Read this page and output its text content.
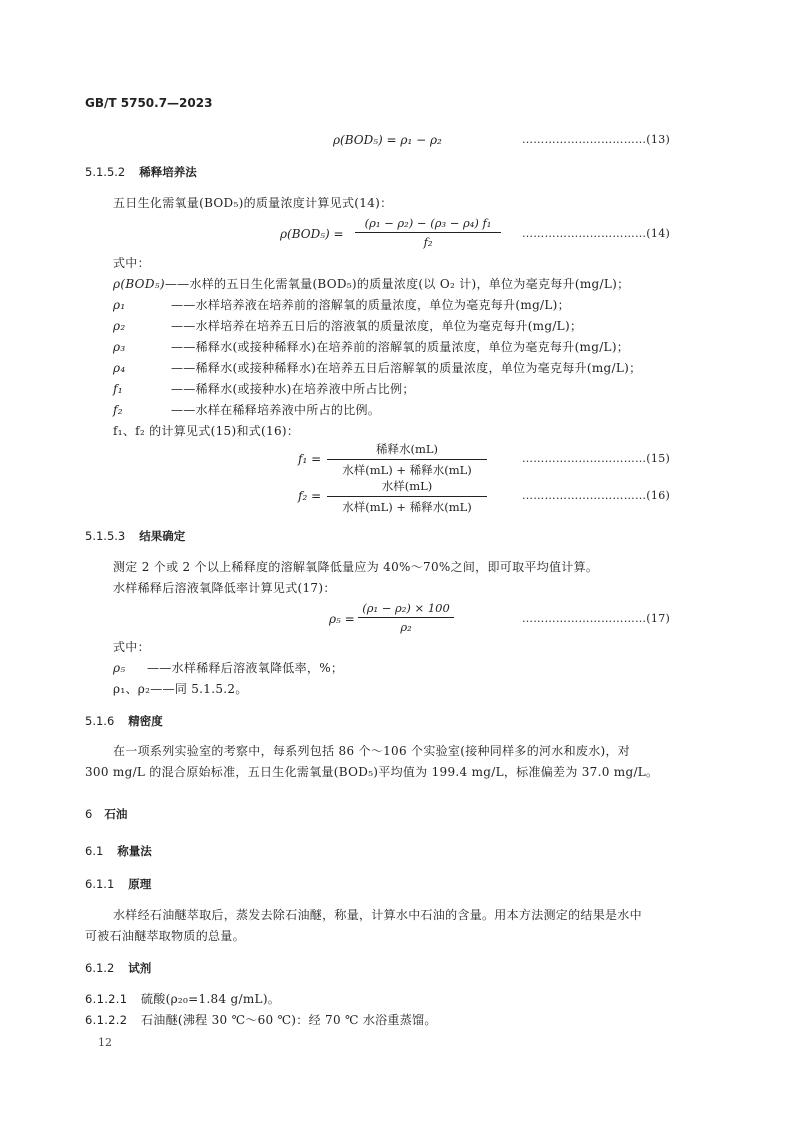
GB/T 5750.7—2023
ρ(BOD₅) = ρ₁ − ρ₂	……………………………(13)
5.1.5.2 稀释培养法
五日生化需氧量(BOD₅)的质量浓度计算见式(14)：
ρ(BOD₅) =
(ρ₁ − ρ₂) − (ρ₃ − ρ₄) f₁
f₂
……………………………(14)
式中：
ρ(BOD₅)——水样的五日生化需氧量(BOD₅)的质量浓度(以 O₂ 计)，单位为毫克每升(mg/L)；
ρ₁	——水样培养液在培养前的溶解氧的质量浓度，单位为毫克每升(mg/L)；
ρ₂	——水样培养在培养五日后的溶液氧的质量浓度，单位为毫克每升(mg/L)；
ρ₃	——稀释水(或接种稀释水)在培养前的溶解氧的质量浓度，单位为毫克每升(mg/L)；
ρ₄	——稀释水(或接种稀释水)在培养五日后溶解氧的质量浓度，单位为毫克每升(mg/L)；
f₁	——稀释水(或接种水)在培养液中所占比例；
f₂	——水样在稀释培养液中所占的比例。
f₁、f₂ 的计算见式(15)和式(16)：
f₁ =
稀释水(mL)
水样(mL) + 稀释水(mL)
……………………………(15)
f₂ =
水样(mL)
水样(mL) + 稀释水(mL)
……………………………(16)
5.1.5.3 结果确定
测定 2 个或 2 个以上稀释度的溶解氧降低量应为 40%～70%之间，即可取平均值计算。
水样稀释后溶液氧降低率计算见式(17)：
ρ₅ =
(ρ₁ − ρ₂) × 100
ρ₂
……………………………(17)
式中：
ρ₅ ——水样稀释后溶液氧降低率，%；
ρ₁、ρ₂——同 5.1.5.2。
5.1.6 精密度
在一项系列实验室的考察中，每系列包括 86 个～106 个实验室(接种同样多的河水和废水)，对
300 mg/L 的混合原始标准，五日生化需氧量(BOD₅)平均值为 199.4 mg/L，标准偏差为 37.0 mg/L。
6 石油
6.1 称量法
6.1.1 原理
水样经石油醚萃取后，蒸发去除石油醚，称量，计算水中石油的含量。用本方法测定的结果是水中
可被石油醚萃取物质的总量。
6.1.2 试剂
6.1.2.1 硫酸(ρ₂₀=1.84 g/mL)。
6.1.2.2 石油醚(沸程 30 ℃～60 ℃)：经 70 ℃ 水浴重蒸馏。
12
